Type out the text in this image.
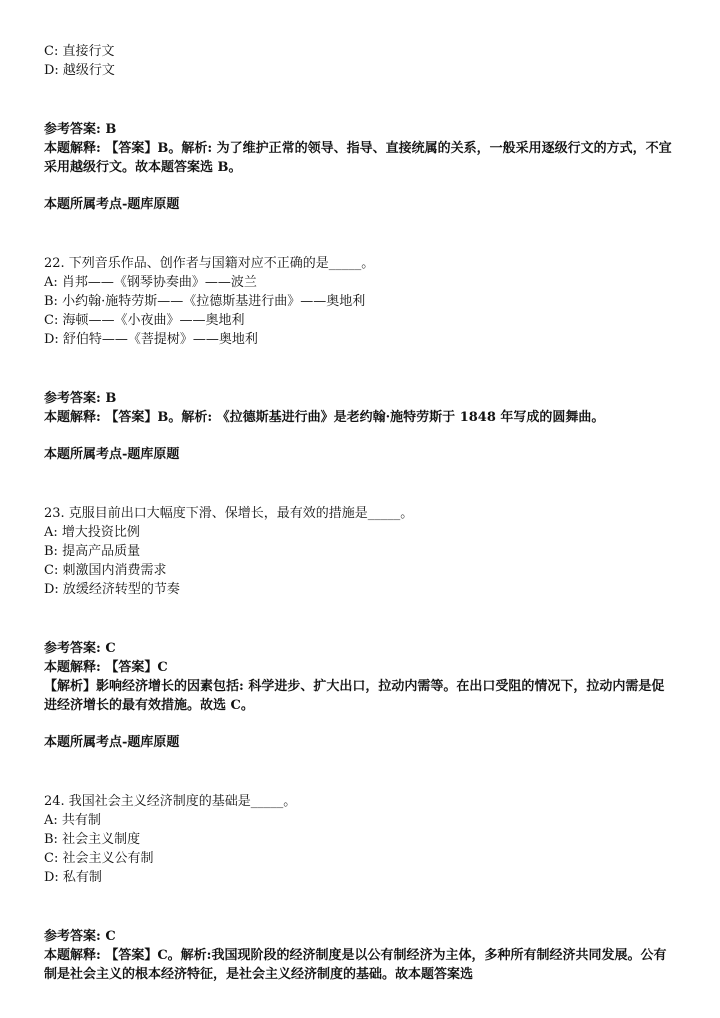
C: 直接行文
D: 越级行文
参考答案: B
本题解释: 【答案】B。解析: 为了维护正常的领导、指导、直接统属的关系，一般采用逐级行文的方式，不宜采用越级行文。故本题答案选 B。
本题所属考点-题库原题
22. 下列音乐作品、创作者与国籍对应不正确的是_____。
A: 肖邦——《钢琴协奏曲》——波兰
B: 小约翰·施特劳斯——《拉德斯基进行曲》——奥地利
C: 海顿——《小夜曲》——奥地利
D: 舒伯特——《菩提树》——奥地利
参考答案: B
本题解释: 【答案】B。解析: 《拉德斯基进行曲》是老约翰·施特劳斯于 1848 年写成的圆舞曲。
本题所属考点-题库原题
23. 克服目前出口大幅度下滑、保增长，最有效的措施是_____。
A: 增大投资比例
B: 提高产品质量
C: 刺激国内消费需求
D: 放缓经济转型的节奏
参考答案: C
本题解释: 【答案】C
【解析】影响经济增长的因素包括: 科学进步、扩大出口，拉动内需等。在出口受阻的情况下，拉动内需是促进经济增长的最有效措施。故选 C。
本题所属考点-题库原题
24. 我国社会主义经济制度的基础是_____。
A: 共有制
B: 社会主义制度
C: 社会主义公有制
D: 私有制
参考答案: C
本题解释: 【答案】C。解析:我国现阶段的经济制度是以公有制经济为主体，多种所有制经济共同发展。公有制是社会主义的根本经济特征，是社会主义经济制度的基础。故本题答案选
